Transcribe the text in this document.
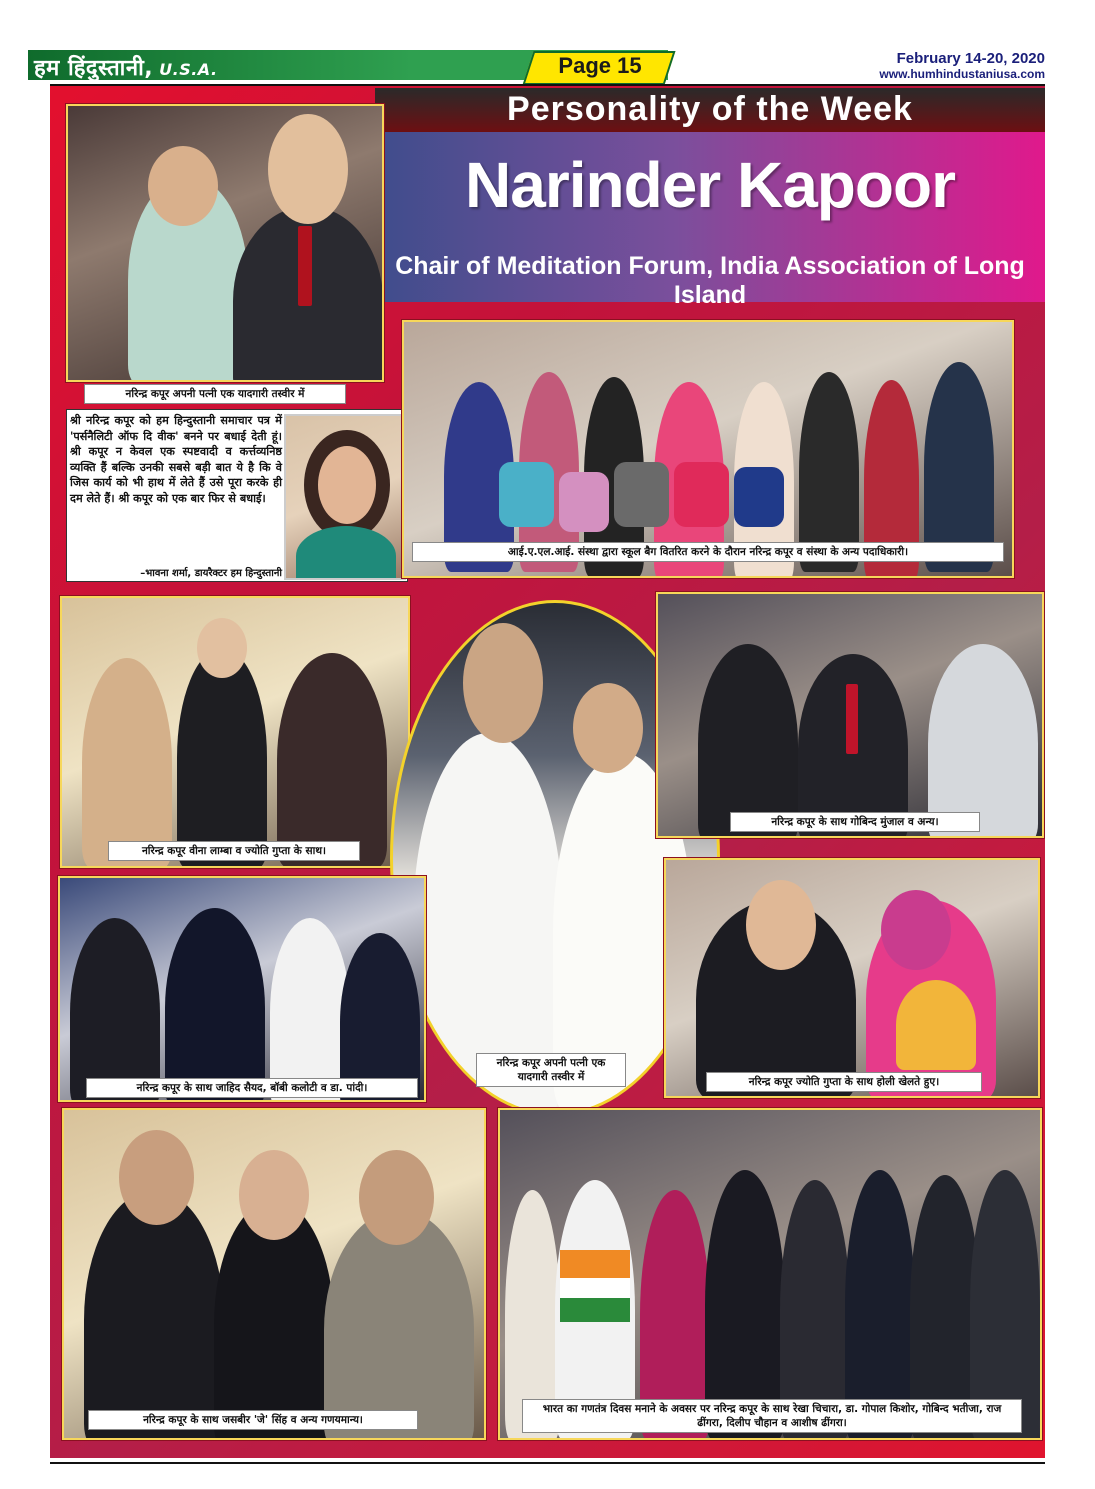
हम हिंदुस्तानी, U.S.A.	Page 15	February 14-20, 2020
www.humhindustaniusa.com
Personality of the Week
Narinder Kapoor
Chair of Meditation Forum, India Association of Long Island
नरिन्द्र कपूर अपनी पत्नी एक यादगारी तस्वीर में
श्री नरिन्द्र कपूर को हम हिन्दुस्तानी समाचार पत्र में 'पर्सनैलिटी ऑफ दि वीक' बनने पर बधाई देती हूं। श्री कपूर न केवल एक स्पष्टवादी व कर्त्तव्यनिष्ठ व्यक्ति हैं बल्कि उनकी सबसे बड़ी बात ये है कि वे जिस कार्य को भी हाथ में लेते हैं उसे पूरा करके ही दम लेते हैं। श्री कपूर को एक बार फिर से बधाई।
–भावना शर्मा, डायरैक्टर हम हिन्दुस्तानी
आई.ए.एल.आई. संस्था द्वारा स्कूल बैग वितरित करने के दौरान नरिन्द्र कपूर व संस्था के अन्य पदाधिकारी।
नरिन्द्र कपूर वीना लाम्बा व ज्योति गुप्ता के साथ।
नरिन्द्र कपूर अपनी पत्नी एक यादगारी तस्वीर में
नरिन्द्र कपूर के साथ गोबिन्द मुंजाल व अन्य।
नरिन्द्र कपूर के साथ जाहिद सैयद, बॉबी कलोटी व डा. पांदी।	नरिन्द्र कपूर ज्योति गुप्ता के साथ होली खेलते हुए।
नरिन्द्र कपूर के साथ जसबीर 'जे' सिंह व अन्य गणयमान्य।
भारत का गणतंत्र दिवस मनाने के अवसर पर नरिन्द्र कपूर के साथ रेखा चिचारा, डा. गोपाल किशोर, गोबिन्द भतीजा, राज ढींगरा, दिलीप चौहान व आशीष ढींगरा।
